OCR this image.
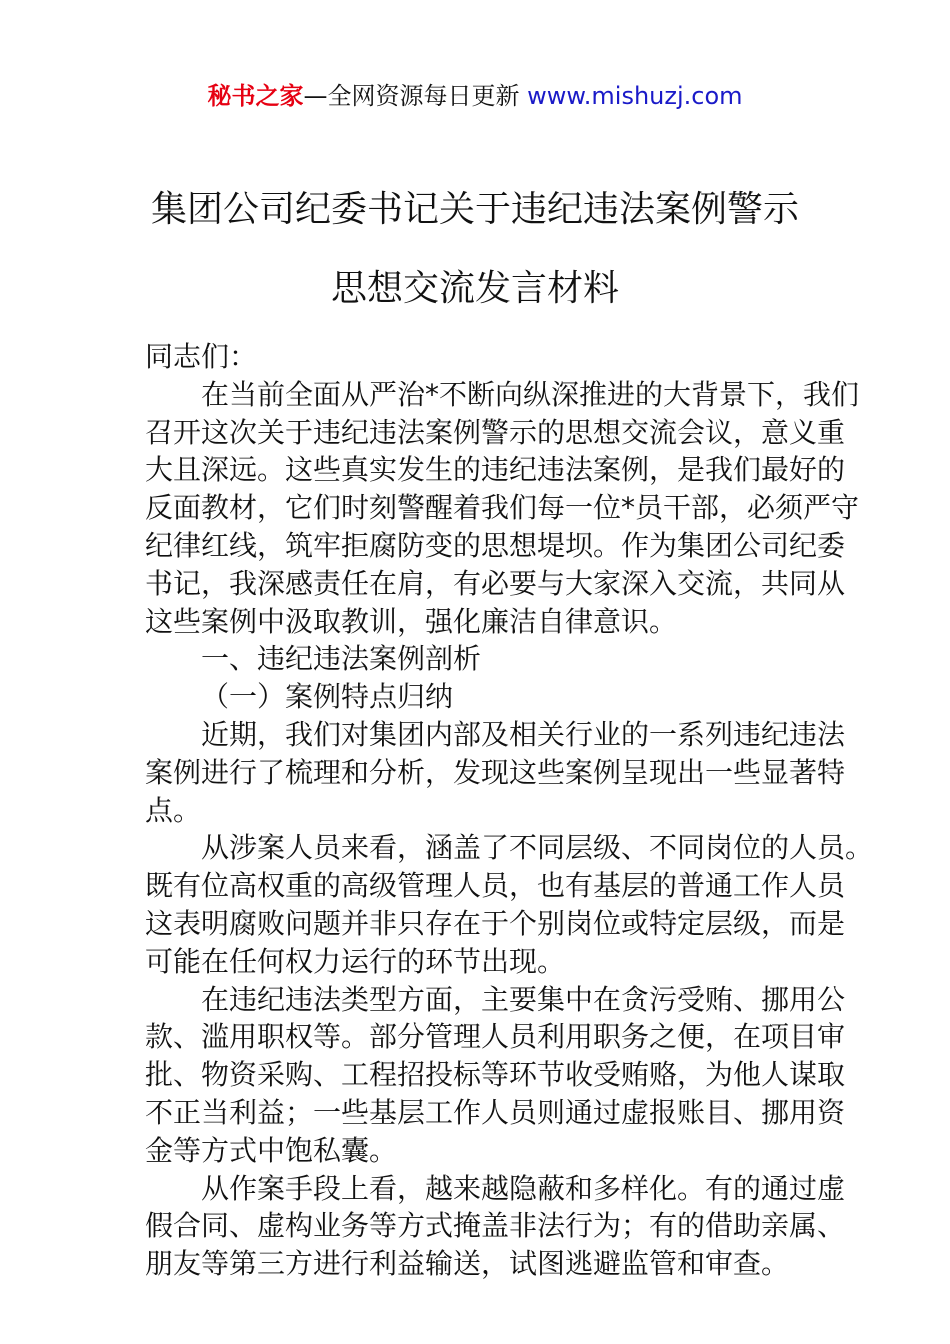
秘书之家—全网资源每日更新 www.mishuzj.com
集团公司纪委书记关于违纪违法案例警示
思想交流发言材料
同志们：
在当前全面从严治*不断向纵深推进的大背景下，我们
召开这次关于违纪违法案例警示的思想交流会议，意义重
大且深远。这些真实发生的违纪违法案例，是我们最好的
反面教材，它们时刻警醒着我们每一位*员干部，必须严守
纪律红线，筑牢拒腐防变的思想堤坝。作为集团公司纪委
书记，我深感责任在肩，有必要与大家深入交流，共同从
这些案例中汲取教训，强化廉洁自律意识。
一、违纪违法案例剖析
（一）案例特点归纳
近期，我们对集团内部及相关行业的一系列违纪违法
案例进行了梳理和分析，发现这些案例呈现出一些显著特
点。
从涉案人员来看，涵盖了不同层级、不同岗位的人员。
既有位高权重的高级管理人员，也有基层的普通工作人员
这表明腐败问题并非只存在于个别岗位或特定层级，而是
可能在任何权力运行的环节出现。
在违纪违法类型方面，主要集中在贪污受贿、挪用公
款、滥用职权等。部分管理人员利用职务之便，在项目审
批、物资采购、工程招投标等环节收受贿赂，为他人谋取
不正当利益；一些基层工作人员则通过虚报账目、挪用资
金等方式中饱私囊。
从作案手段上看，越来越隐蔽和多样化。有的通过虚
假合同、虚构业务等方式掩盖非法行为；有的借助亲属、
朋友等第三方进行利益输送，试图逃避监管和审查。
